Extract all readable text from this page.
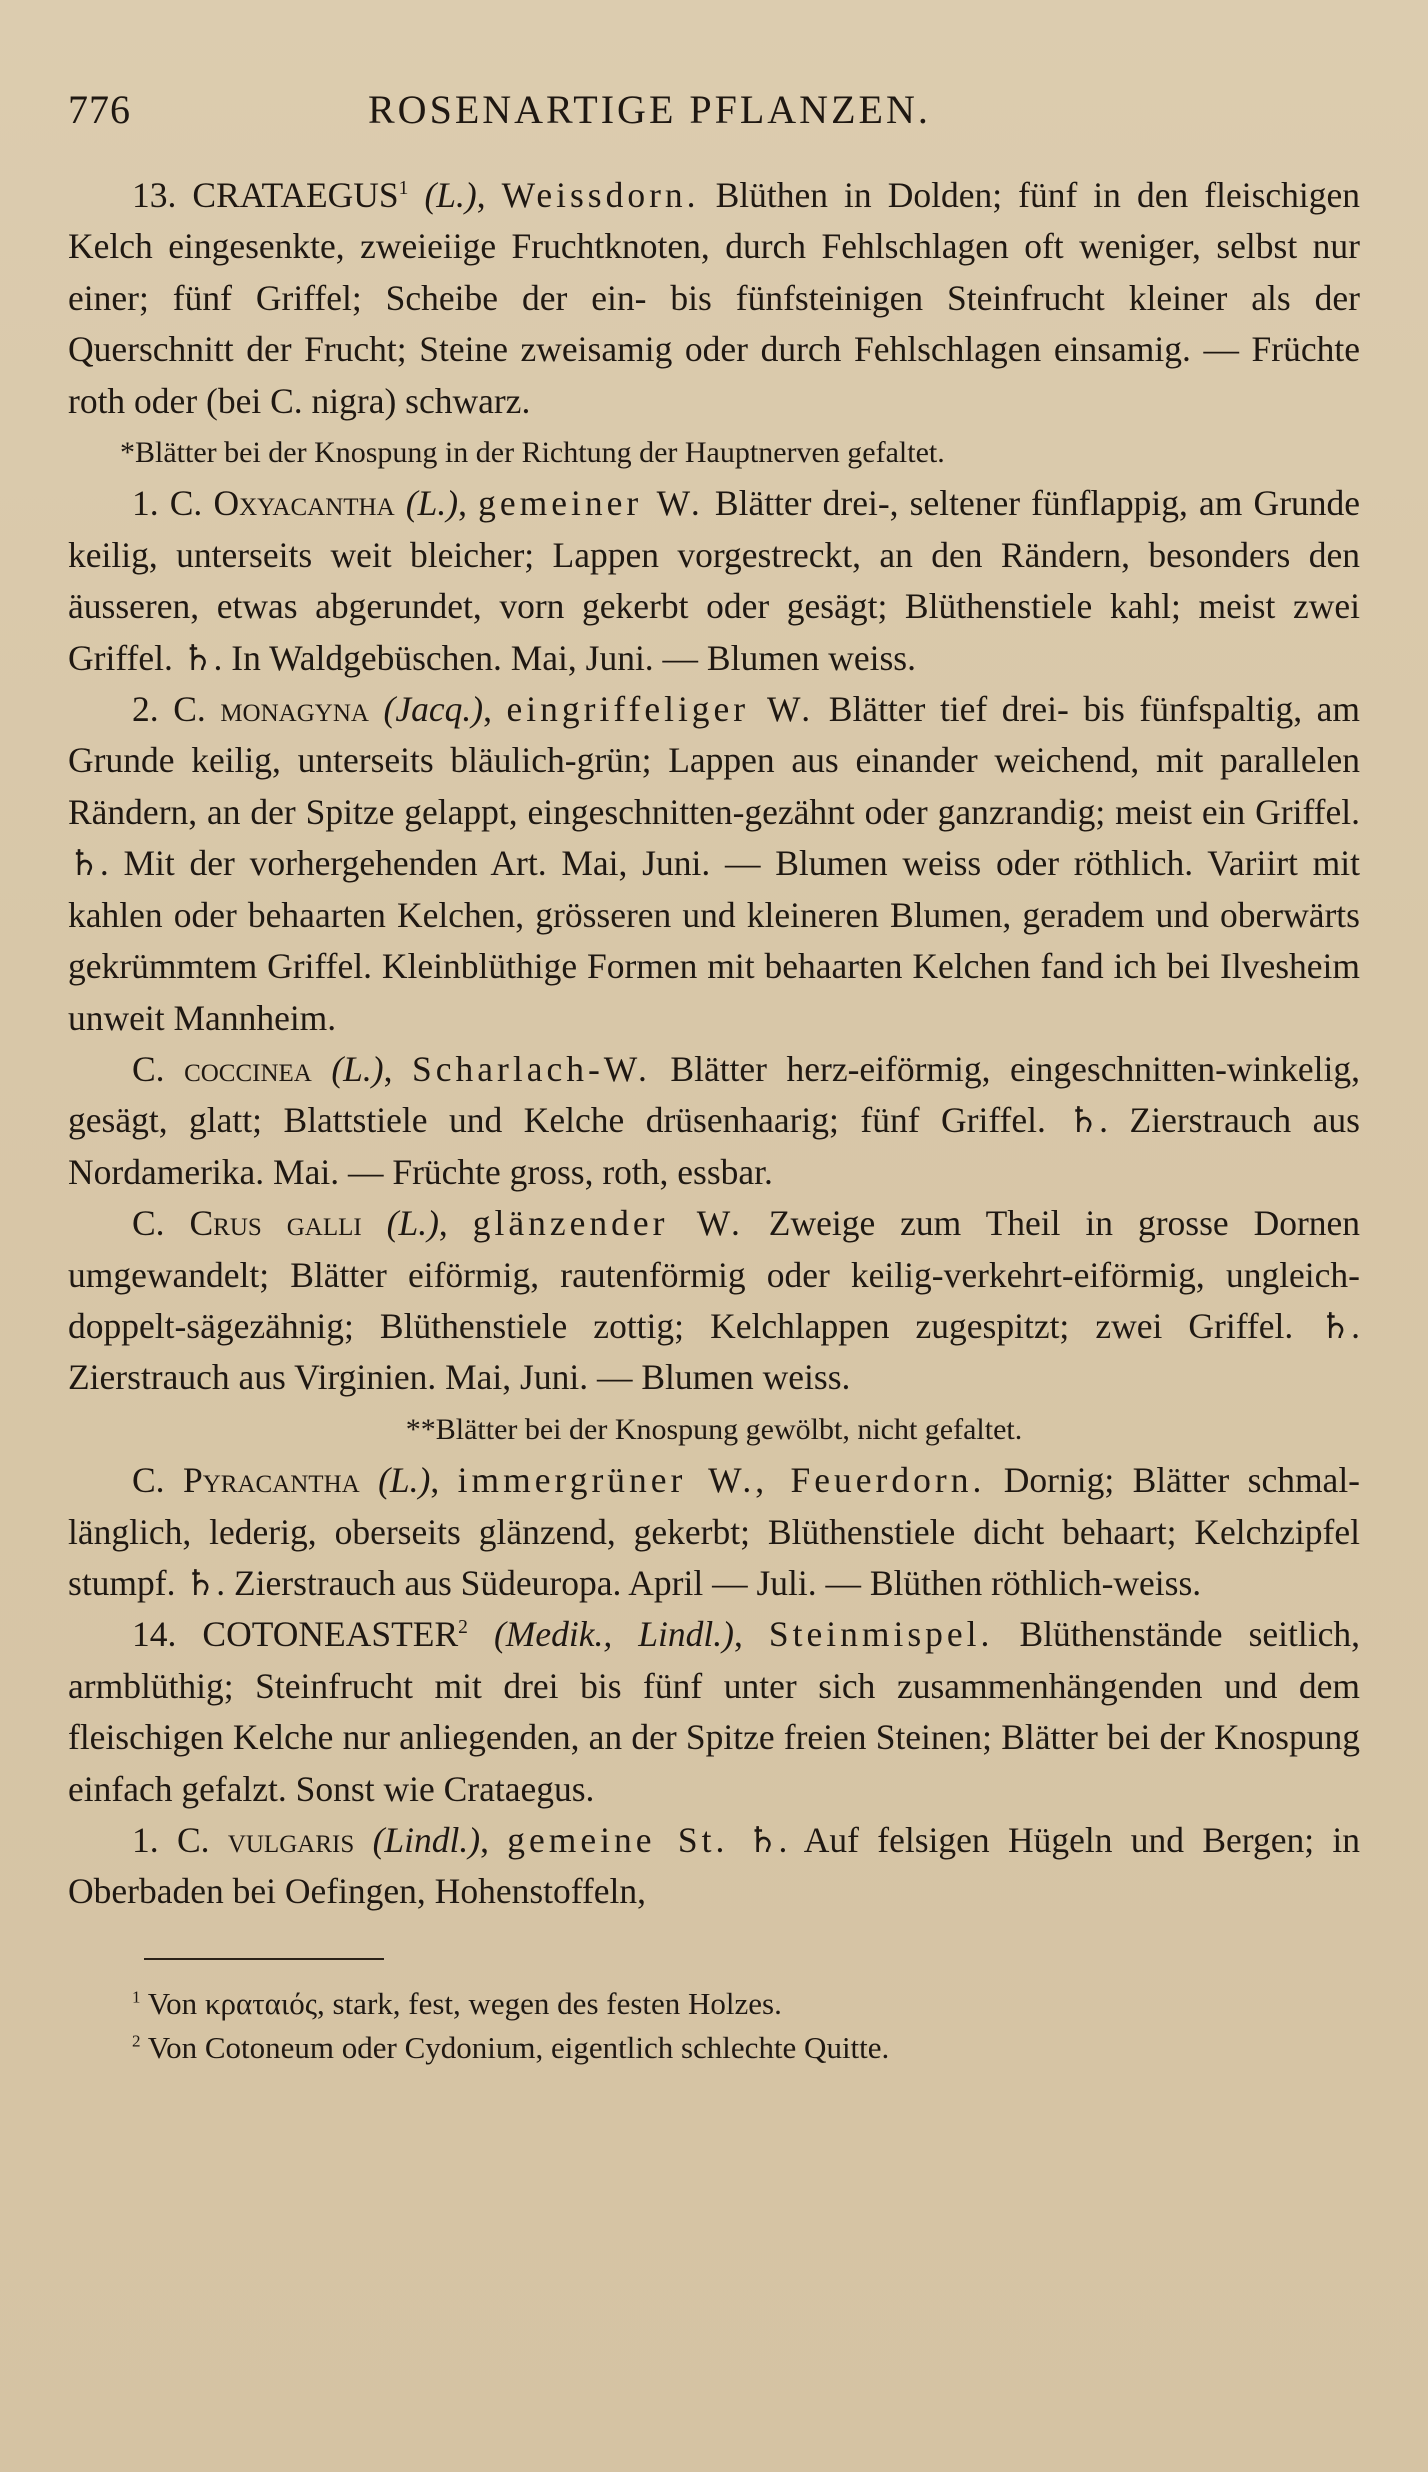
776	ROSENARTIGE PFLANZEN.

13. CRATAEGUS$^1$ (L.), Weissdorn. Blüthen in Dolden; fünf in den fleischigen Kelch eingesenkte, zweieiige Fruchtknoten, durch Fehlschlagen oft weniger, selbst nur einer; fünf Griffel; Scheibe der ein- bis fünfsteinigen Steinfrucht kleiner als der Querschnitt der Frucht; Steine zweisamig oder durch Fehlschlagen einsamig. — Früchte roth oder (bei C. nigra) schwarz.

*Blätter bei der Knospung in der Richtung der Hauptnerven gefaltet.

1. C. Oxyacantha (L.), gemeiner W. Blätter drei-, seltener fünflappig, am Grunde keilig, unterseits weit bleicher; Lappen vorgestreckt, an den Rändern, besonders den äusseren, etwas abgerundet, vorn gekerbt oder gesägt; Blüthenstiele kahl; meist zwei Griffel. ♄. In Waldgebüschen. Mai, Juni. — Blumen weiss.

2. C. monagyna (Jacq.), eingriffeliger W. Blätter tief drei- bis fünfspaltig, am Grunde keilig, unterseits bläulich-grün; Lappen aus einander weichend, mit parallelen Rändern, an der Spitze gelappt, eingeschnitten-gezähnt oder ganzrandig; meist ein Griffel. ♄. Mit der vorhergehenden Art. Mai, Juni. — Blumen weiss oder röthlich. Variirt mit kahlen oder behaarten Kelchen, grösseren und kleineren Blumen, geradem und oberwärts gekrümmtem Griffel. Kleinblüthige Formen mit behaarten Kelchen fand ich bei Ilvesheim unweit Mannheim.

C. coccinea (L.), Scharlach-W. Blätter herz-eiförmig, eingeschnitten-winkelig, gesägt, glatt; Blattstiele und Kelche drüsenhaarig; fünf Griffel. ♄. Zierstrauch aus Nordamerika. Mai. — Früchte gross, roth, essbar.

C. Crus galli (L.), glänzender W. Zweige zum Theil in grosse Dornen umgewandelt; Blätter eiförmig, rautenförmig oder keilig-verkehrt-eiförmig, ungleich-doppelt-sägezähnig; Blüthenstiele zottig; Kelchlappen zugespitzt; zwei Griffel. ♄. Zierstrauch aus Virginien. Mai, Juni. — Blumen weiss.

**Blätter bei der Knospung gewölbt, nicht gefaltet.

C. Pyracantha (L.), immergrüner W., Feuerdorn. Dornig; Blätter schmal-länglich, lederig, oberseits glänzend, gekerbt; Blüthenstiele dicht behaart; Kelchzipfel stumpf. ♄. Zierstrauch aus Südeuropa. April — Juli. — Blüthen röthlich-weiss.

14. COTONEASTER$^2$ (Medik., Lindl.), Steinmispel. Blüthenstände seitlich, armblüthig; Steinfrucht mit drei bis fünf unter sich zusammenhängenden und dem fleischigen Kelche nur anliegenden, an der Spitze freien Steinen; Blätter bei der Knospung einfach gefalzt. Sonst wie Crataegus.

1. C. vulgaris (Lindl.), gemeine St. ♄. Auf felsigen Hügeln und Bergen; in Oberbaden bei Oefingen, Hohenstoffeln,

$^1$ Von κραταιός, stark, fest, wegen des festen Holzes.

$^2$ Von Cotoneum oder Cydonium, eigentlich schlechte Quitte.
